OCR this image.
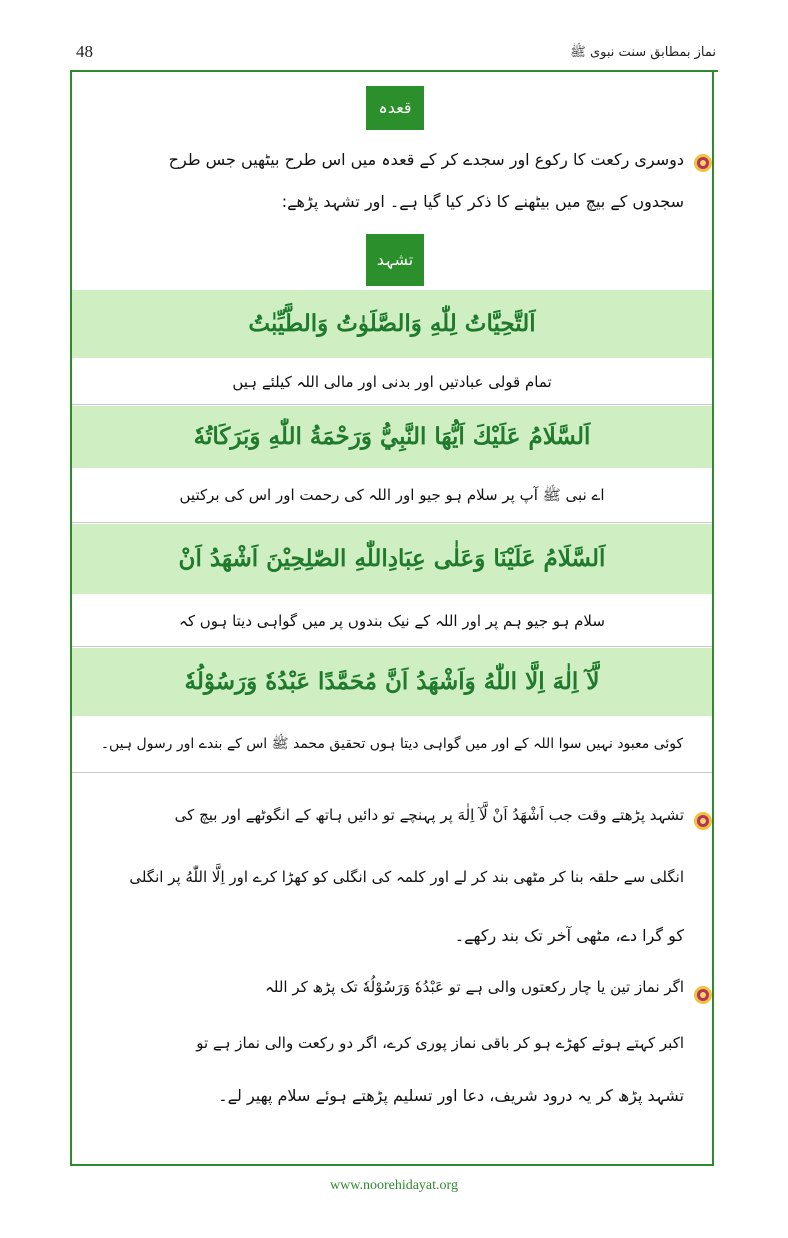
نماز بمطابق سنت نبوی ﷺ
48
قعدہ
دوسری رکعت کا رکوع اور سجدے کر کے قعدہ میں اس طرح بیٹھیں جس طرح
سجدوں کے بیچ میں بیٹھنے کا ذکر کیا گیا ہے۔ اور تشہد پڑھے:
تشہد
اَلتَّحِيَّاتُ لِلّٰهِ وَالصَّلَوٰتُ وَالطَّيِّبٰتُ
تمام قولی عبادتیں اور بدنی اور مالی اللہ کیلئے ہیں
اَلسَّلَامُ عَلَيْكَ اَيُّهَا النَّبِيُّ وَرَحْمَةُ اللّٰهِ وَبَرَكَاتُهٗ
اے نبی ﷺ آپ پر سلام ہو جیو اور اللہ کی رحمت اور اس کی برکتیں
اَلسَّلَامُ عَلَيْنَا وَعَلٰى عِبَادِاللّٰهِ الصّٰلِحِيْنَ اَشْهَدُ اَنْ
سلام ہو جیو ہم پر اور اللہ کے نیک بندوں پر میں گواہی دیتا ہوں کہ
لَّآ اِلٰهَ اِلَّا اللّٰهُ وَاَشْهَدُ اَنَّ مُحَمَّدًا عَبْدُهٗ وَرَسُوْلُهٗ
کوئی معبود نہیں سوا اللہ کے اور میں گواہی دیتا ہوں تحقیق محمد ﷺ اس کے بندے اور رسول ہیں۔
تشہد پڑھتے وقت جب اَشْهَدُ اَنْ لَّآ اِلٰهَ پر پہنچے تو دائیں ہاتھ کے انگوٹھے اور بیچ کی
انگلی سے حلقہ بنا کر مٹھی بند کر لے اور کلمہ کی انگلی کو کھڑا کرے اور اِلَّا اللّٰهُ پر انگلی
کو گرا دے، مٹھی آخر تک بند رکھے۔
اگر نماز تین یا چار رکعتوں والی ہے تو عَبْدُهٗ وَرَسُوْلُهٗ تک پڑھ کر اللہ
اکبر کہتے ہوئے کھڑے ہو کر باقی نماز پوری کرے، اگر دو رکعت والی نماز ہے تو
تشہد پڑھ کر یہ درود شریف، دعا اور تسلیم پڑھتے ہوئے سلام پھیر لے۔
www.noorehidayat.org
